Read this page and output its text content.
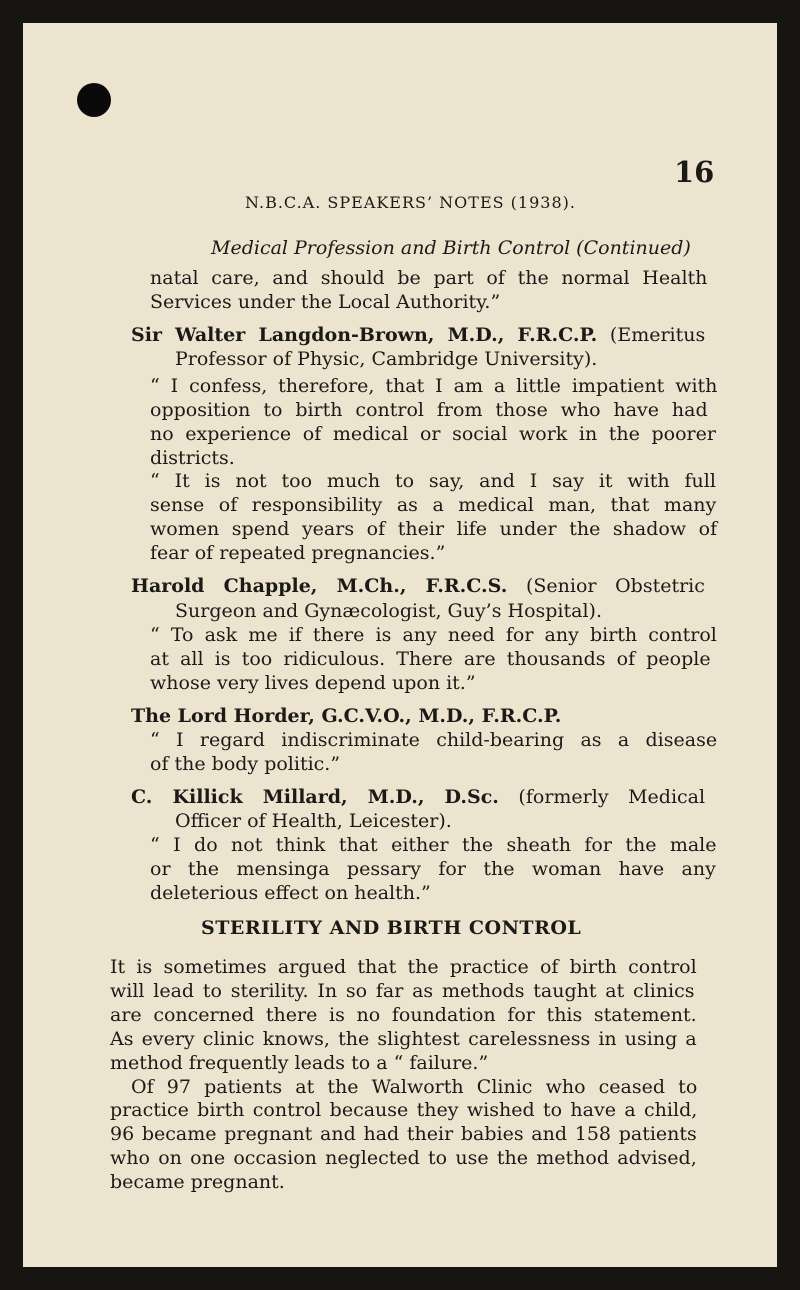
16
N.B.C.A. SPEAKERS’ NOTES (1938).
Medical Profession and Birth Control (Continued)
natal care, and should be part of the normal Health
Services under the Local Authority.”
Sir Walter Langdon-Brown, M.D., F.R.C.P. (Emeritus
Professor of Physic, Cambridge University).
“ I confess, therefore, that I am a little impatient with
opposition to birth control from those who have had
no experience of medical or social work in the poorer
districts.
“ It is not too much to say, and I say it with full
sense of responsibility as a medical man, that many
women spend years of their life under the shadow of
fear of repeated pregnancies.”
Harold Chapple, M.Ch., F.R.C.S. (Senior Obstetric
Surgeon and Gynæcologist, Guy’s Hospital).
“ To ask me if there is any need for any birth control
at all is too ridiculous. There are thousands of people
whose very lives depend upon it.”
The Lord Horder, G.C.V.O., M.D., F.R.C.P.
“ I regard indiscriminate child-bearing as a disease
of the body politic.”
C. Killick Millard, M.D., D.Sc. (formerly Medical
Officer of Health, Leicester).
“ I do not think that either the sheath for the male
or the mensinga pessary for the woman have any
deleterious effect on health.”
STERILITY AND BIRTH CONTROL
It is sometimes argued that the practice of birth control
will lead to sterility. In so far as methods taught at clinics
are concerned there is no foundation for this statement.
As every clinic knows, the slightest carelessness in using a
method frequently leads to a “ failure.”
Of 97 patients at the Walworth Clinic who ceased to
practice birth control because they wished to have a child,
96 became pregnant and had their babies and 158 patients
who on one occasion neglected to use the method advised,
became pregnant.
